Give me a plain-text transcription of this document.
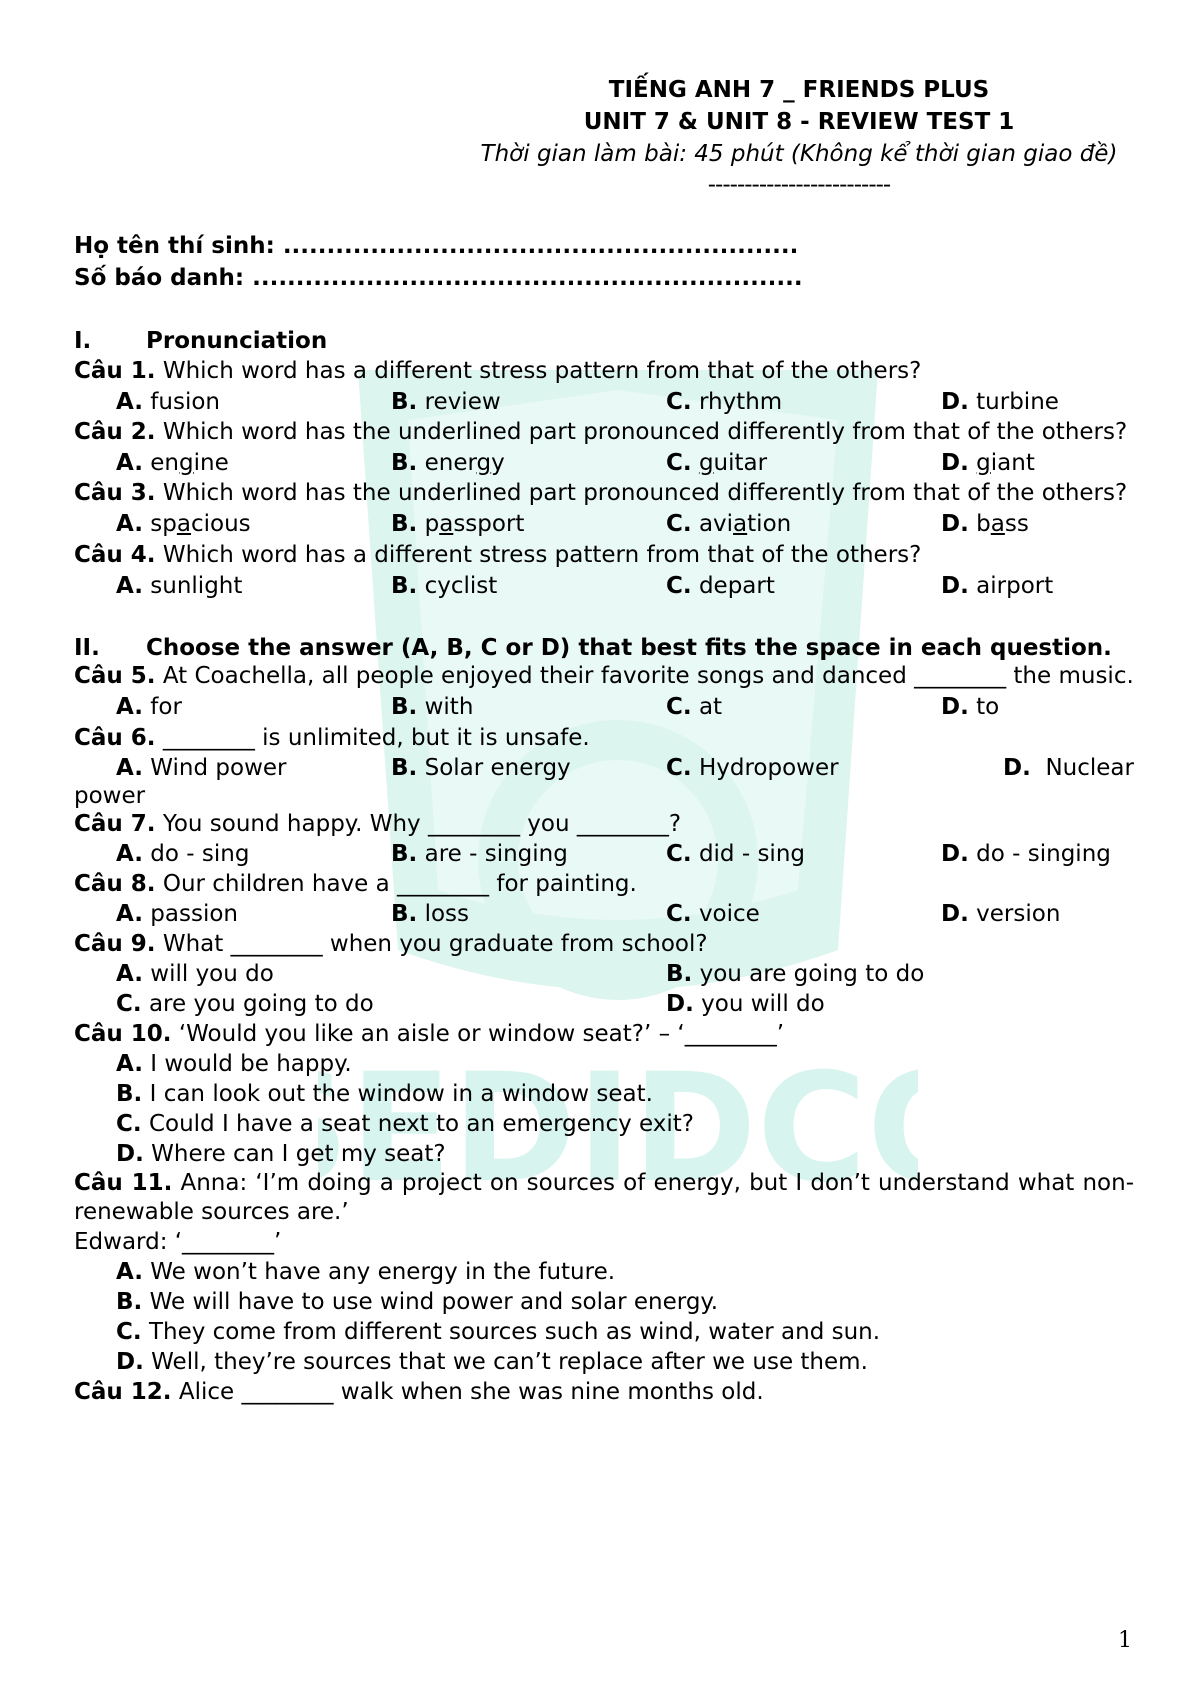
EDIDC
TIẾNG ANH 7 _ FRIENDS PLUS
UNIT 7 & UNIT 8 - REVIEW TEST 1
Thời gian làm bài: 45 phút (Không kể thời gian giao đề)
-------------------------
Họ tên thí sinh: ...........................................................
Số báo danh: ...............................................................
I. Pronunciation
Câu 1. Which word has a different stress pattern from that of the others?
A. fusion	B. review	C. rhythm	D. turbine
Câu 2. Which word has the underlined part pronounced differently from that of the others?
A. engine	B. energy	C. guitar	D. giant
Câu 3. Which word has the underlined part pronounced differently from that of the others?
A. spacious	B. passport	C. aviation	D. bass
Câu 4. Which word has a different stress pattern from that of the others?
A. sunlight	B. cyclist	C. depart	D. airport
II. Choose the answer (A, B, C or D) that best fits the space in each question.
Câu 5. At Coachella, all people enjoyed their favorite songs and danced ________ the music.
A. for	B. with	C. at	D. to
Câu 6. ________ is unlimited, but it is unsafe.
A. Wind power	B. Solar energy	C. Hydropower	D. Nuclear
power
Câu 7. You sound happy. Why ________ you ________?
A. do - sing	B. are - singing	C. did - sing	D. do - singing
Câu 8. Our children have a ________ for painting.
A. passion	B. loss	C. voice	D. version
Câu 9. What ________ when you graduate from school?
A. will you do	B. you are going to do
C. are you going to do	D. you will do
Câu 10. ‘Would you like an aisle or window seat?’ – ‘________’
A. I would be happy.
B. I can look out the window in a window seat.
C. Could I have a seat next to an emergency exit?
D. Where can I get my seat?
Câu 11. Anna: ‘I’m doing a project on sources of energy, but I don’t understand what non-renewable sources are.’
Edward: ‘________’
A. We won’t have any energy in the future.
B. We will have to use wind power and solar energy.
C. They come from different sources such as wind, water and sun.
D. Well, they’re sources that we can’t replace after we use them.
Câu 12. Alice ________ walk when she was nine months old.
1
